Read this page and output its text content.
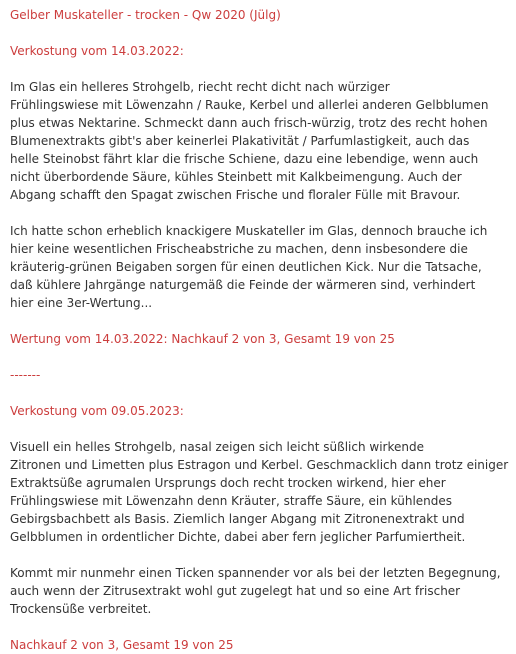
Gelber Muskateller - trocken - Qw 2020 (Jülg)
Verkostung vom 14.03.2022:
Im Glas ein helleres Strohgelb, riecht recht dicht nach würziger
Frühlingswiese mit Löwenzahn / Rauke, Kerbel und allerlei anderen Gelbblumen
plus etwas Nektarine. Schmeckt dann auch frisch-würzig, trotz des recht hohen
Blumenextrakts gibt's aber keinerlei Plakativität / Parfumlastigkeit, auch das
helle Steinobst fährt klar die frische Schiene, dazu eine lebendige, wenn auch
nicht überbordende Säure, kühles Steinbett mit Kalkbeimengung. Auch der
Abgang schafft den Spagat zwischen Frische und floraler Fülle mit Bravour.
Ich hatte schon erheblich knackigere Muskateller im Glas, dennoch brauche ich
hier keine wesentlichen Frischeabstriche zu machen, denn insbesondere die
kräuterig-grünen Beigaben sorgen für einen deutlichen Kick. Nur die Tatsache,
daß kühlere Jahrgänge naturgemäß die Feinde der wärmeren sind, verhindert
hier eine 3er-Wertung...
Wertung vom 14.03.2022: Nachkauf 2 von 3, Gesamt 19 von 25
-------
Verkostung vom 09.05.2023:
Visuell ein helles Strohgelb, nasal zeigen sich leicht süßlich wirkende
Zitronen und Limetten plus Estragon und Kerbel. Geschmacklich dann trotz einiger
Extraktsüße agrumalen Ursprungs doch recht trocken wirkend, hier eher
Frühlingswiese mit Löwenzahn denn Kräuter, straffe Säure, ein kühlendes
Gebirgsbachbett als Basis. Ziemlich langer Abgang mit Zitronenextrakt und
Gelbblumen in ordentlicher Dichte, dabei aber fern jeglicher Parfumiertheit.
Kommt mir nunmehr einen Ticken spannender vor als bei der letzten Begegnung,
auch wenn der Zitrusextrakt wohl gut zugelegt hat und so eine Art frischer
Trockensüße verbreitet.
Nachkauf 2 von 3, Gesamt 19 von 25
